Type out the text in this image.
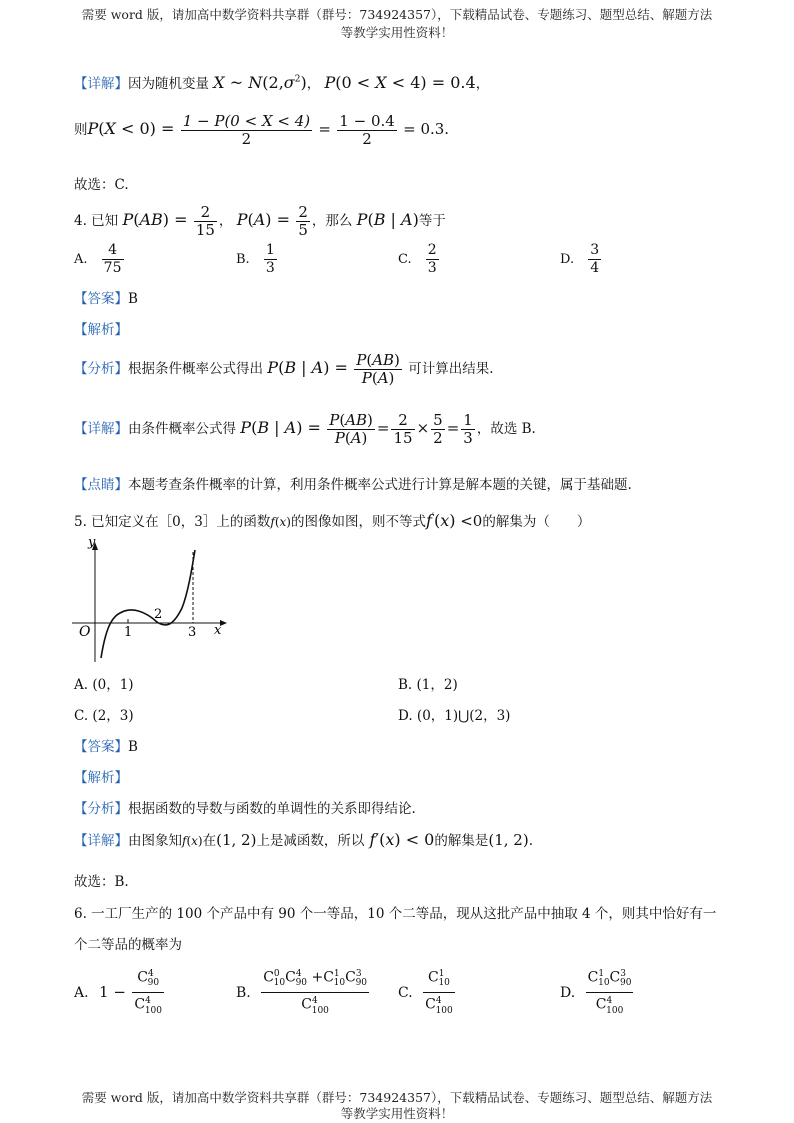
需要 word 版，请加高中数学资料共享群（群号：734924357），下载精品试卷、专题练习、题型总结、解题方法
等教学实用性资料！
【详解】因为随机变量 X ~ $N(2,\sigma^2)$， P(0 < X < 4) = 0.4，
则$P(X < 0) = \frac{1 - P(0 < X < 4)}{2} = \frac{1 - 0.4}{2} = 0.3$.
故选：C.
4. 已知 $P(AB) = \frac{2}{15}$ ， $P(A) = \frac{2}{5}$ ，那么 P(B | A)等于
A. $\frac{4}{75}$	B. $\frac{1}{3}$	C. $\frac{2}{3}$	D. $\frac{3}{4}$
【答案】B
【解析】
【分析】根据条件概率公式得出 P(B | $A) = \frac{P(AB)}{P(A)}$ 可计算出结果.
【详解】由条件概率公式得 P(B | $A) = \frac{P(AB)}{P(A)} = \frac{2}{15} \times \frac{5}{2} = \frac{1}{3}$ ，故选 B.
【点睛】本题考查条件概率的计算，利用条件概率公式进行计算是解本题的关键，属于基础题.
5. 已知定义在［0，3］上的函数f(x)的图像如图，则不等式f′(x) <0的解集为（　　）
y
x
O	1	3
2
A. (0，1)	B. (1，2)
C. (2，3)	D. (0，1)⋃(2，3)
【答案】B
【解析】
【分析】根据函数的导数与函数的单调性的关系即得结论.
【详解】由图象知f(x)在(1, 2)上是减函数，所以 f′(x) < 0的解集是(1, 2).
故选：B.
6. 一工厂生产的 100 个产品中有 90 个一等品，10 个二等品，现从这批产品中抽取 4 个，则其中恰好有一
个二等品的概率为
A. $1 - \frac{C^4_{90}}{C^4_{100}}$	B. $\frac{C^0_{10}C^4_{90} +C^1_{10}C^3_{90}}{C^4_{100}} C$. $\frac{C^1_{10}}{C^4_{100}}$	D. $\frac{C^1_{10}C^3_{90}}{C^4_{100}}$
需要 word 版，请加高中数学资料共享群（群号：734924357），下载精品试卷、专题练习、题型总结、解题方法
等教学实用性资料！
